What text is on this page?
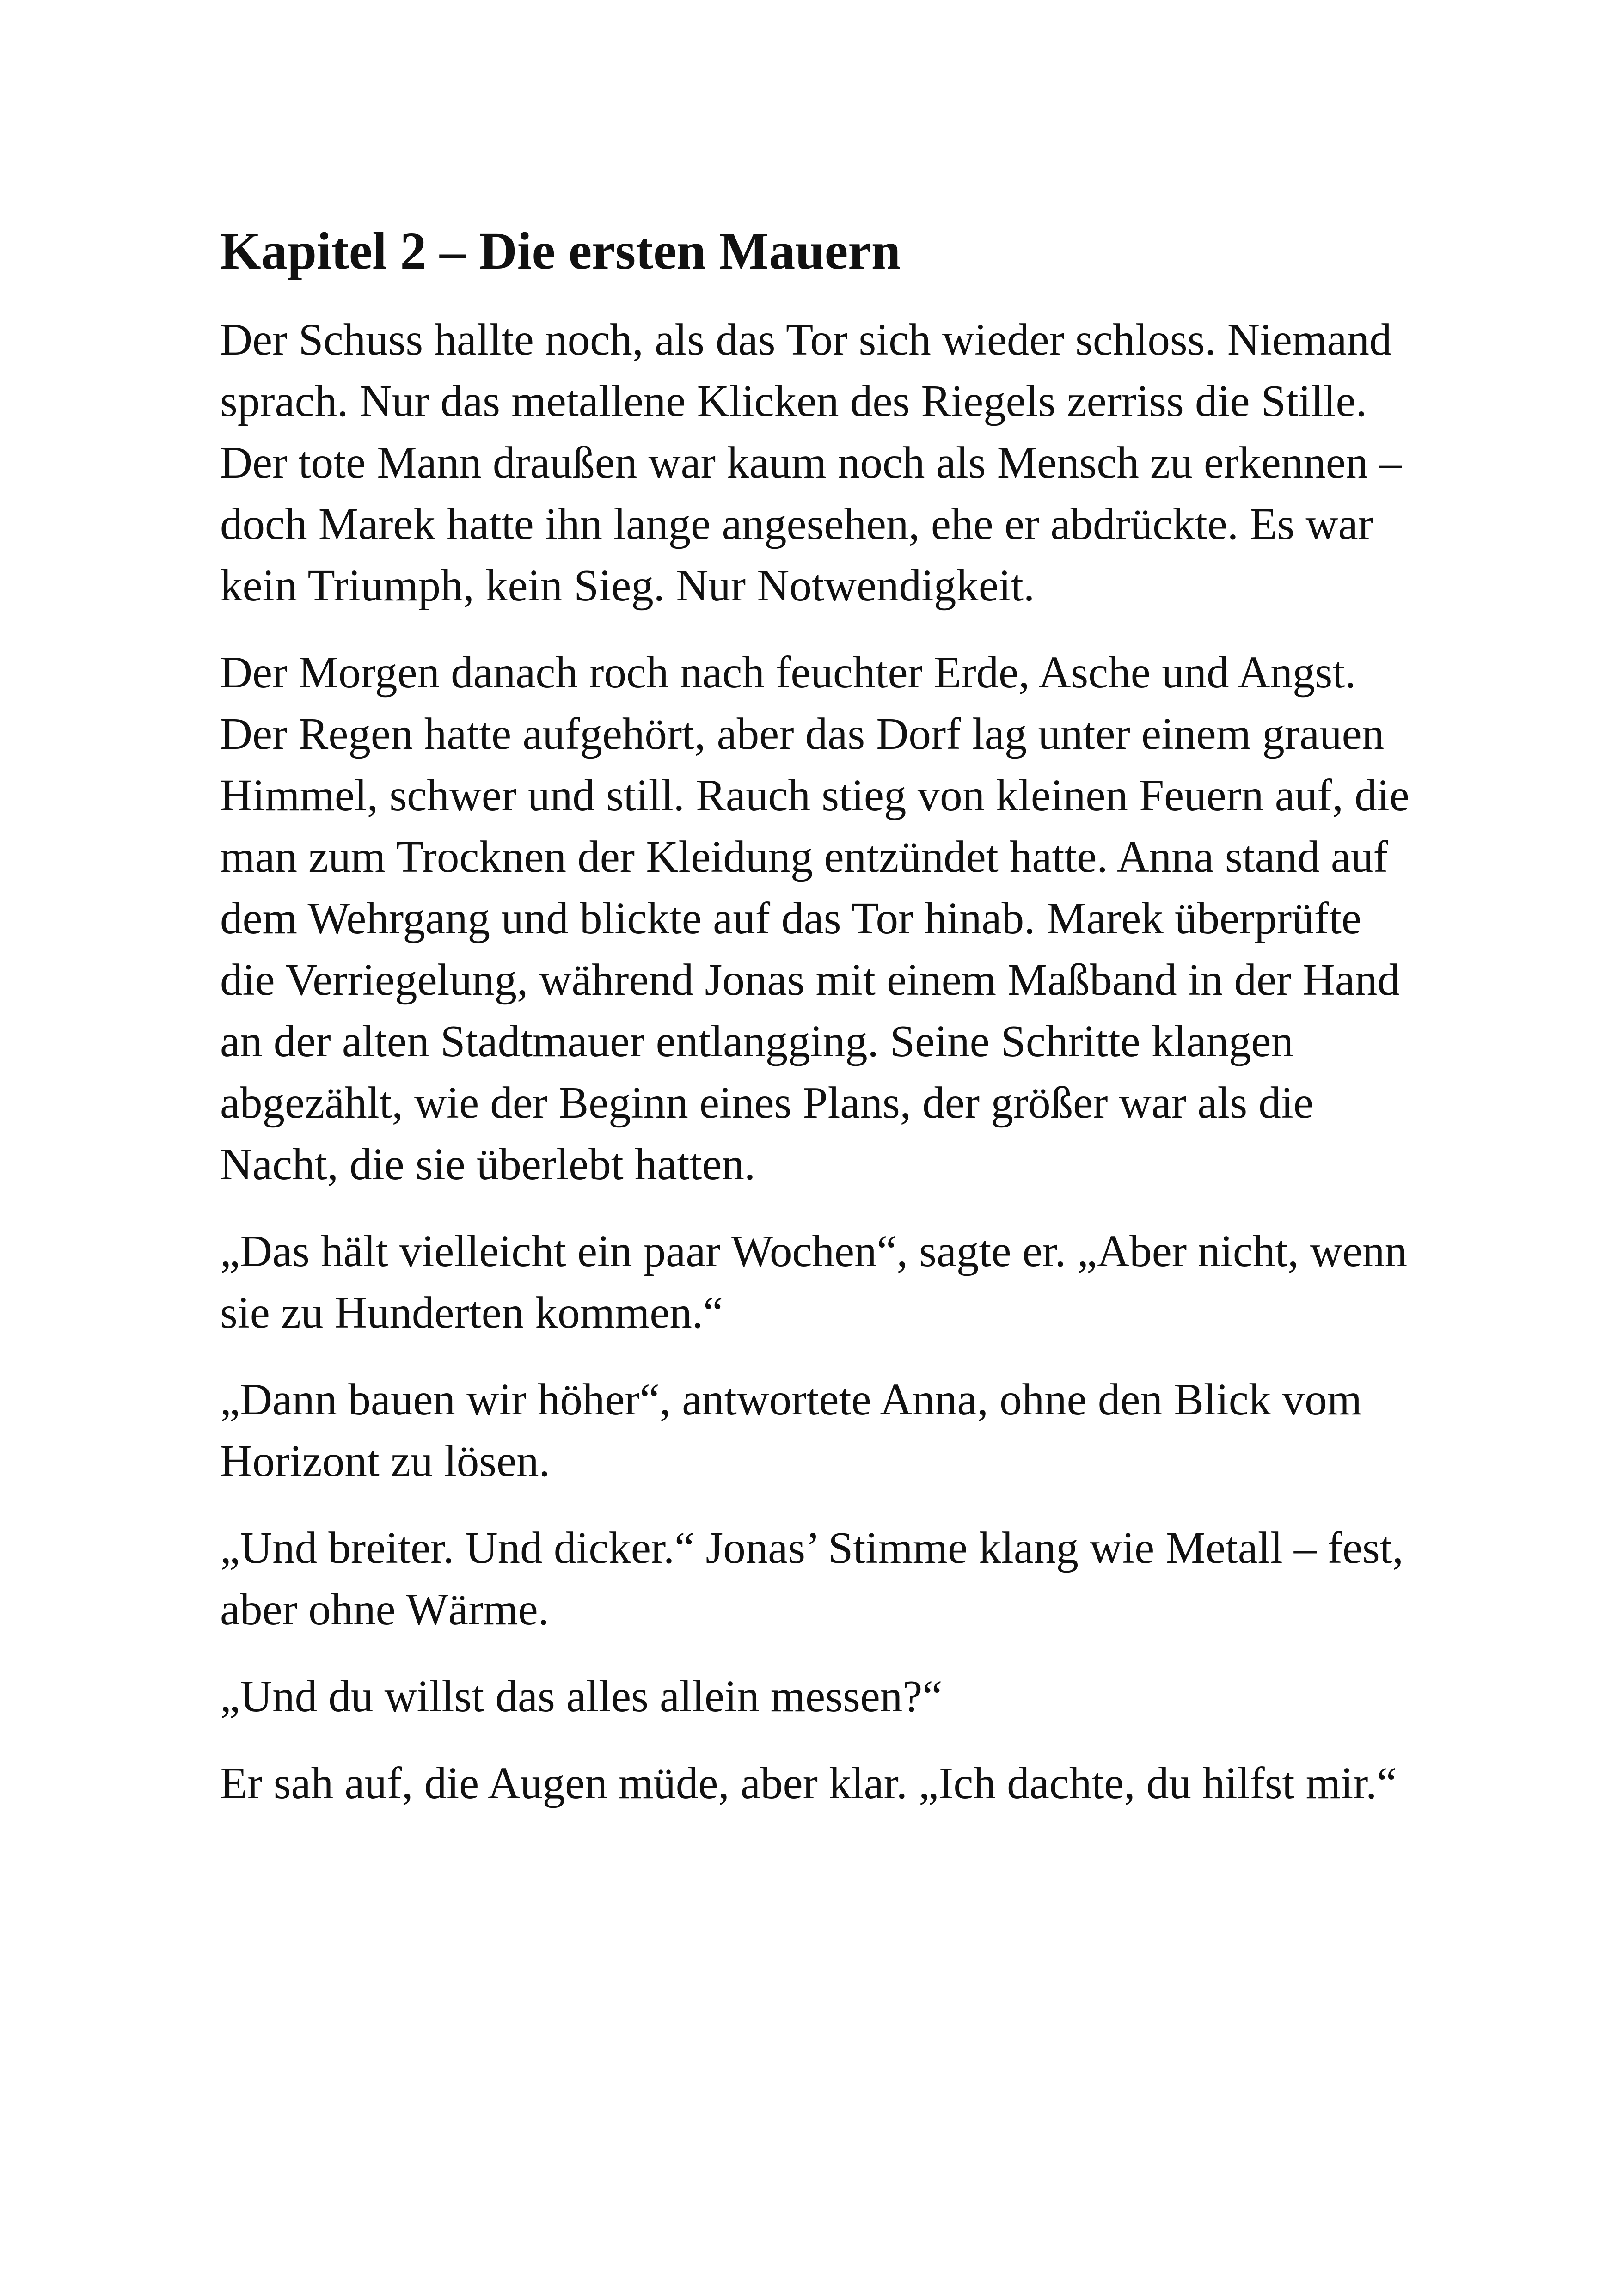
Kapitel 2 – Die ersten Mauern

Der Schuss hallte noch, als das Tor sich wieder schloss. Niemand sprach. Nur das metallene Klicken des Riegels zerriss die Stille. Der tote Mann draußen war kaum noch als Mensch zu erkennen – doch Marek hatte ihn lange angesehen, ehe er abdrückte. Es war kein Triumph, kein Sieg. Nur Notwendigkeit.

Der Morgen danach roch nach feuchter Erde, Asche und Angst. Der Regen hatte aufgehört, aber das Dorf lag unter einem grauen Himmel, schwer und still. Rauch stieg von kleinen Feuern auf, die man zum Trocknen der Kleidung entzündet hatte. Anna stand auf dem Wehrgang und blickte auf das Tor hinab. Marek überprüfte die Verriegelung, während Jonas mit einem Maßband in der Hand an der alten Stadtmauer entlangging. Seine Schritte klangen abgezählt, wie der Beginn eines Plans, der größer war als die Nacht, die sie überlebt hatten.

„Das hält vielleicht ein paar Wochen“, sagte er. „Aber nicht, wenn sie zu Hunderten kommen.“

„Dann bauen wir höher“, antwortete Anna, ohne den Blick vom Horizont zu lösen.

„Und breiter. Und dicker.“ Jonas’ Stimme klang wie Metall – fest, aber ohne Wärme.

„Und du willst das alles allein messen?“

Er sah auf, die Augen müde, aber klar. „Ich dachte, du hilfst mir.“
